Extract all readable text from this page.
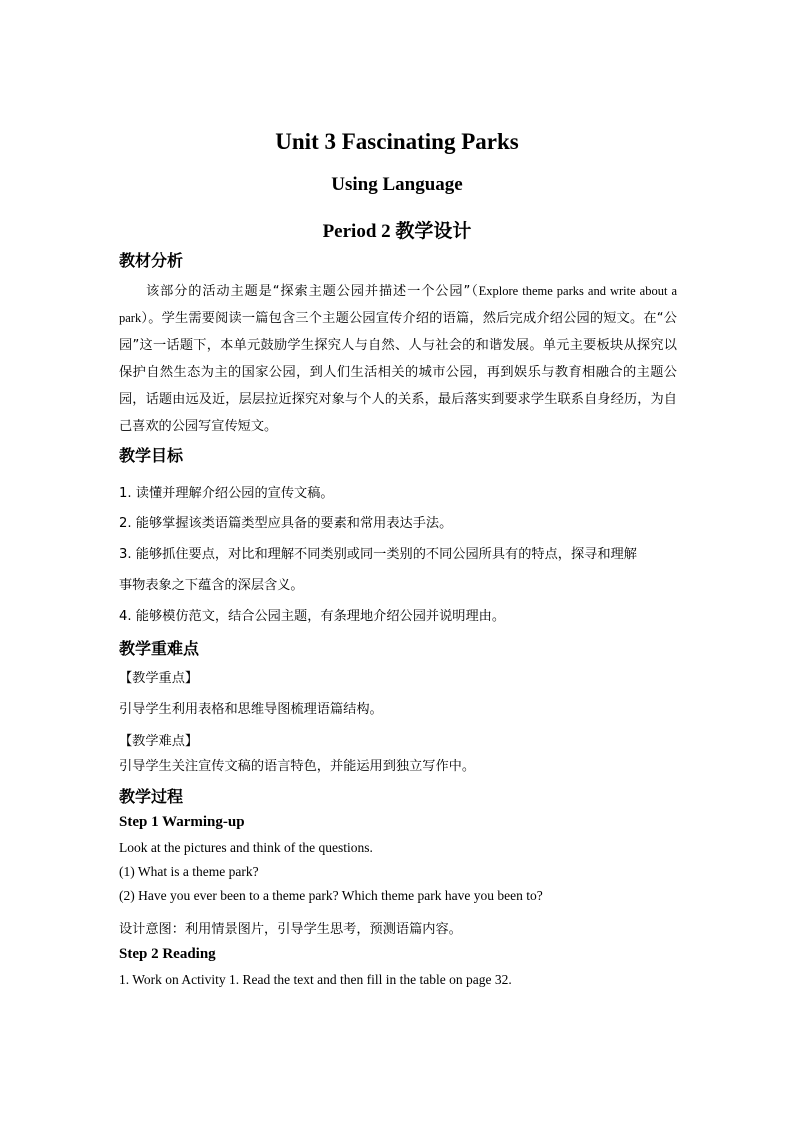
Unit 3 Fascinating Parks

Using Language

Period 2 教学设计

教材分析

该部分的活动主题是“探索主题公园并描述一个公园”（Explore theme parks and write about a park）。学生需要阅读一篇包含三个主题公园宣传介绍的语篇，然后完成介绍公园的短文。在“公园”这一话题下，本单元鼓励学生探究人与自然、人与社会的和谐发展。单元主要板块从探究以保护自然生态为主的国家公园，到人们生活相关的城市公园，再到娱乐与教育相融合的主题公园，话题由远及近，层层拉近探究对象与个人的关系，最后落实到要求学生联系自身经历，为自己喜欢的公园写宣传短文。

教学目标

1. 读懂并理解介绍公园的宣传文稿。

2. 能够掌握该类语篇类型应具备的要素和常用表达手法。

3. 能够抓住要点，对比和理解不同类别或同一类别的不同公园所具有的特点，探寻和理解

事物表象之下蕴含的深层含义。

4. 能够模仿范文，结合公园主题，有条理地介绍公园并说明理由。

教学重难点

【教学重点】

引导学生利用表格和思维导图梳理语篇结构。

【教学难点】

引导学生关注宣传文稿的语言特色，并能运用到独立写作中。

教学过程

Step 1 Warming-up

Look at the pictures and think of the questions.

(1) What is a theme park?

(2) Have you ever been to a theme park? Which theme park have you been to?

设计意图：利用情景图片，引导学生思考，预测语篇内容。

Step 2 Reading

1. Work on Activity 1. Read the text and then fill in the table on page 32.
